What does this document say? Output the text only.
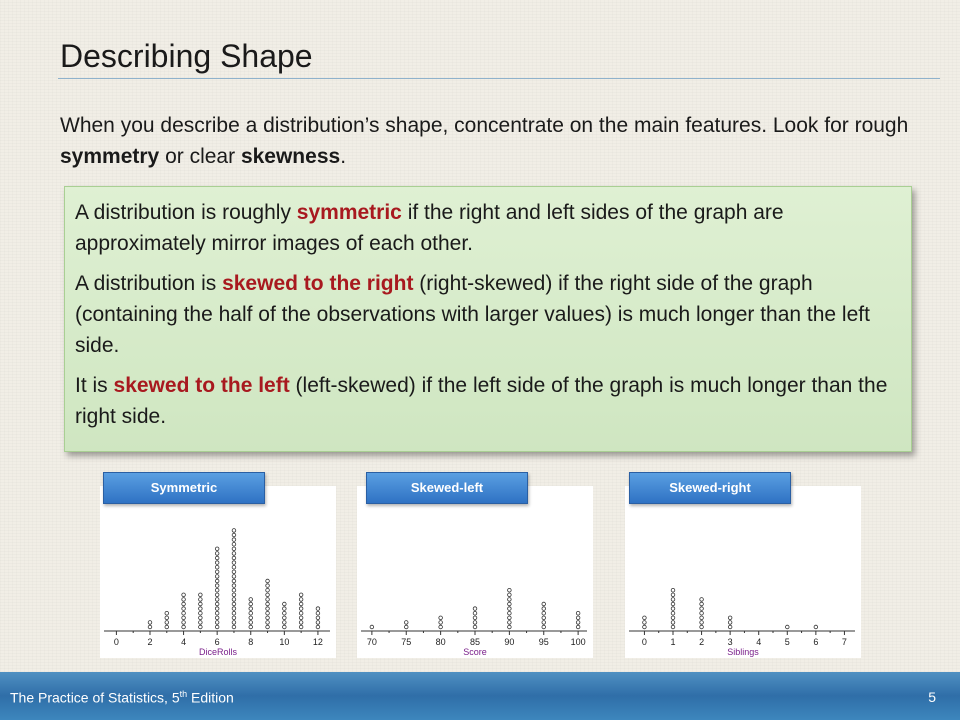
Describing Shape

When you describe a distribution’s shape, concentrate on the main features. Look for rough symmetry or clear skewness.

A distribution is roughly symmetric if the right and left sides of the graph are approximately mirror images of each other.

A distribution is skewed to the right (right-skewed) if the right side of the graph (containing the half of the observations with larger values) is much longer than the left side.

It is skewed to the left (left-skewed) if the left side of the graph is much longer than the right side.

0	2	4	6	8	10	12
DiceRolls
Symmetric
70	75	80	85	90	95 100
Score
Skewed-left
0	1	2	3	4	5	6	7
Siblings
Skewed-right
The Practice of Statistics, 5th Edition	5
